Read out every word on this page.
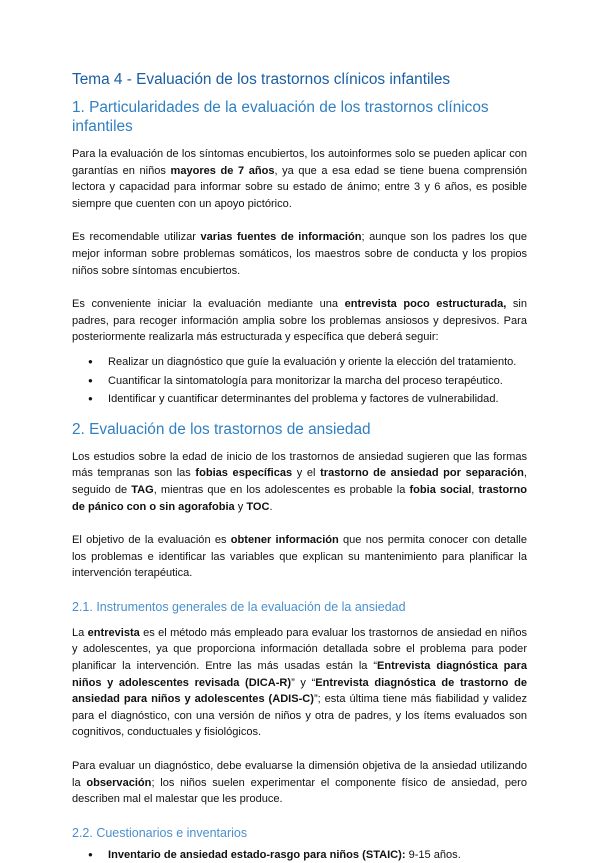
Tema 4 - Evaluación de los trastornos clínicos infantiles
1. Particularidades de la evaluación de los trastornos clínicos infantiles

Para la evaluación de los síntomas encubiertos, los autoinformes solo se pueden aplicar con garantías en niños mayores de 7 años, ya que a esa edad se tiene buena comprensión lectora y capacidad para informar sobre su estado de ánimo; entre 3 y 6 años, es posible siempre que cuenten con un apoyo pictórico.

Es recomendable utilizar varias fuentes de información; aunque son los padres los que mejor informan sobre problemas somáticos, los maestros sobre de conducta y los propios niños sobre síntomas encubiertos.

Es conveniente iniciar la evaluación mediante una entrevista poco estructurada, sin padres, para recoger información amplia sobre los problemas ansiosos y depresivos. Para posteriormente realizarla más estructurada y específica que deberá seguir:

● Realizar un diagnóstico que guíe la evaluación y oriente la elección del tratamiento.
● Cuantificar la sintomatología para monitorizar la marcha del proceso terapéutico.
● Identificar y cuantificar determinantes del problema y factores de vulnerabilidad.
2. Evaluación de los trastornos de ansiedad

Los estudios sobre la edad de inicio de los trastornos de ansiedad sugieren que las formas más tempranas son las fobias específicas y el trastorno de ansiedad por separación, seguido de TAG, mientras que en los adolescentes es probable la fobia social, trastorno de pánico con o sin agorafobia y TOC.

El objetivo de la evaluación es obtener información que nos permita conocer con detalle los problemas e identificar las variables que explican su mantenimiento para planificar la intervención terapéutica.

2.1. Instrumentos generales de la evaluación de la ansiedad

La entrevista es el método más empleado para evaluar los trastornos de ansiedad en niños y adolescentes, ya que proporciona información detallada sobre el problema para poder planificar la intervención. Entre las más usadas están la “Entrevista diagnóstica para niños y adolescentes revisada (DICA-R)” y “Entrevista diagnóstica de trastorno de ansiedad para niños y adolescentes (ADIS-C)”; esta última tiene más fiabilidad y validez para el diagnóstico, con una versión de niños y otra de padres, y los ítems evaluados son cognitivos, conductuales y fisiológicos.

Para evaluar un diagnóstico, debe evaluarse la dimensión objetiva de la ansiedad utilizando la observación; los niños suelen experimentar el componente físico de ansiedad, pero describen mal el malestar que les produce.

2.2. Cuestionarios e inventarios
● Inventario de ansiedad estado-rasgo para niños (STAIC): 9-15 años.
